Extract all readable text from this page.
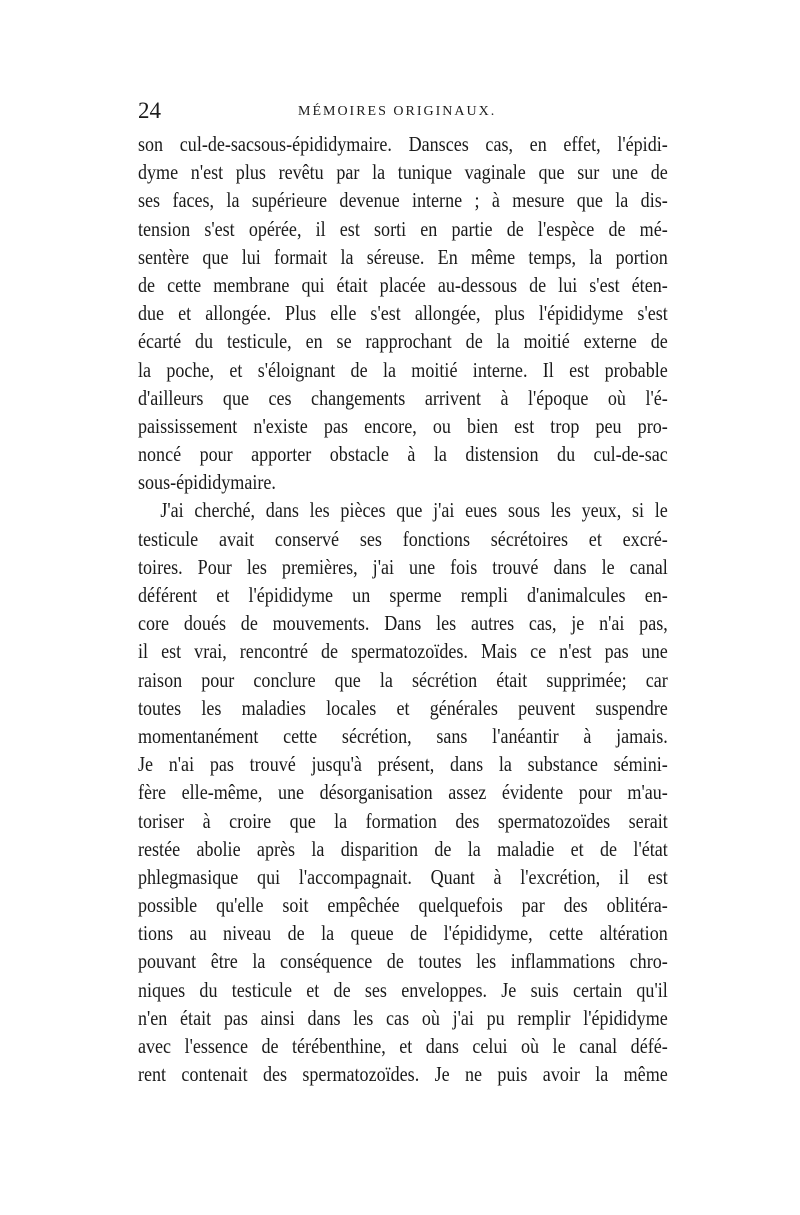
24	MÉMOIRES ORIGINAUX.
son cul-de-sacsous-épididymaire. Dansces cas, en effet, l'épidi-
dyme n'est plus revêtu par la tunique vaginale que sur une de
ses faces, la supérieure devenue interne ; à mesure que la dis-
tension s'est opérée, il est sorti en partie de l'espèce de mé-
sentère que lui formait la séreuse. En même temps, la portion
de cette membrane qui était placée au-dessous de lui s'est éten-
due et allongée. Plus elle s'est allongée, plus l'épididyme s'est
écarté du testicule, en se rapprochant de la moitié externe de
la poche, et s'éloignant de la moitié interne. Il est probable
d'ailleurs que ces changements arrivent à l'époque où l'é-
paississement n'existe pas encore, ou bien est trop peu pro-
noncé pour apporter obstacle à la distension du cul-de-sac
sous-épididymaire.
J'ai cherché, dans les pièces que j'ai eues sous les yeux, si le
testicule avait conservé ses fonctions sécrétoires et excré-
toires. Pour les premières, j'ai une fois trouvé dans le canal
déférent et l'épididyme un sperme rempli d'animalcules en-
core doués de mouvements. Dans les autres cas, je n'ai pas,
il est vrai, rencontré de spermatozoïdes. Mais ce n'est pas une
raison pour conclure que la sécrétion était supprimée; car
toutes les maladies locales et générales peuvent suspendre
momentanément cette sécrétion, sans l'anéantir à jamais.
Je n'ai pas trouvé jusqu'à présent, dans la substance sémini-
fère elle-même, une désorganisation assez évidente pour m'au-
toriser à croire que la formation des spermatozoïdes serait
restée abolie après la disparition de la maladie et de l'état
phlegmasique qui l'accompagnait. Quant à l'excrétion, il est
possible qu'elle soit empêchée quelquefois par des oblitéra-
tions au niveau de la queue de l'épididyme, cette altération
pouvant être la conséquence de toutes les inflammations chro-
niques du testicule et de ses enveloppes. Je suis certain qu'il
n'en était pas ainsi dans les cas où j'ai pu remplir l'épididyme
avec l'essence de térébenthine, et dans celui où le canal défé-
rent contenait des spermatozoïdes. Je ne puis avoir la même
